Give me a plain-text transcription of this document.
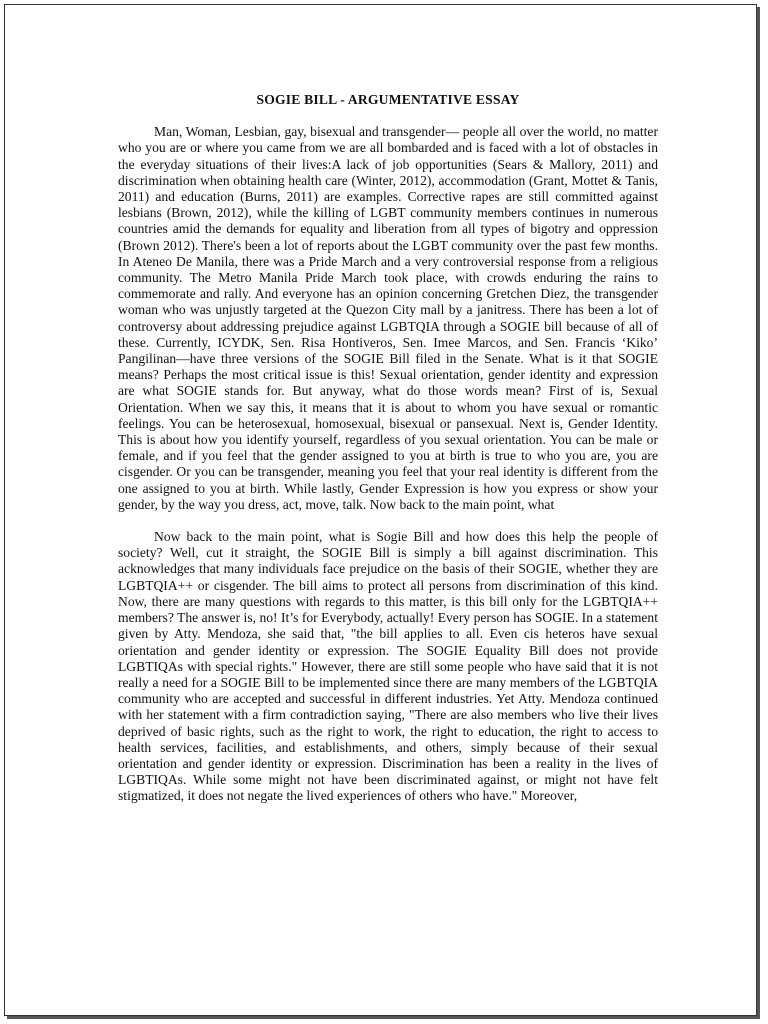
SOGIE BILL - ARGUMENTATIVE ESSAY

Man, Woman, Lesbian, gay, bisexual and transgender— people all over the world, no matter who you are or where you came from we are all bombarded and is faced with a lot of obstacles in the everyday situations of their lives:A lack of job opportunities (Sears & Mallory, 2011) and discrimination when obtaining health care (Winter, 2012), accommodation (Grant, Mottet & Tanis, 2011) and education (Burns, 2011) are examples. Corrective rapes are still committed against lesbians (Brown, 2012), while the killing of LGBT community members continues in numerous countries amid the demands for equality and liberation from all types of bigotry and oppression (Brown 2012). There's been a lot of reports about the LGBT community over the past few months. In Ateneo De Manila, there was a Pride March and a very controversial response from a religious community. The Metro Manila Pride March took place, with crowds enduring the rains to commemorate and rally. And everyone has an opinion concerning Gretchen Diez, the transgender woman who was unjustly targeted at the Quezon City mall by a janitress. There has been a lot of controversy about addressing prejudice against LGBTQIA through a SOGIE bill because of all of these. Currently, ICYDK, Sen. Risa Hontiveros, Sen. Imee Marcos, and Sen. Francis ‘Kiko’ Pangilinan—have three versions of the SOGIE Bill filed in the Senate. What is it that SOGIE means? Perhaps the most critical issue is this! Sexual orientation, gender identity and expression are what SOGIE stands for. But anyway, what do those words mean? First of is, Sexual Orientation. When we say this, it means that it is about to whom you have sexual or romantic feelings. You can be heterosexual, homosexual, bisexual or pansexual. Next is, Gender Identity. This is about how you identify yourself, regardless of you sexual orientation. You can be male or female, and if you feel that the gender assigned to you at birth is true to who you are, you are cisgender. Or you can be transgender, meaning you feel that your real identity is different from the one assigned to you at birth. While lastly, Gender Expression is how you express or show your gender, by the way you dress, act, move, talk. Now back to the main point, what

Now back to the main point, what is Sogie Bill and how does this help the people of society? Well, cut it straight, the SOGIE Bill is simply a bill against discrimination. This acknowledges that many individuals face prejudice on the basis of their SOGIE, whether they are LGBTQIA++ or cisgender. The bill aims to protect all persons from discrimination of this kind. Now, there are many questions with regards to this matter, is this bill only for the LGBTQIA++ members? The answer is, no! It’s for Everybody, actually! Every person has SOGIE. In a statement given by Atty. Mendoza, she said that, "the bill applies to all. Even cis heteros have sexual orientation and gender identity or expression. The SOGIE Equality Bill does not provide LGBTIQAs with special rights." However, there are still some people who have said that it is not really a need for a SOGIE Bill to be implemented since there are many members of the LGBTQIA community who are accepted and successful in different industries. Yet Atty. Mendoza continued with her statement with a firm contradiction saying, "There are also members who live their lives deprived of basic rights, such as the right to work, the right to education, the right to access to health services, facilities, and establishments, and others, simply because of their sexual orientation and gender identity or expression. Discrimination has been a reality in the lives of LGBTIQAs. While some might not have been discriminated against, or might not have felt stigmatized, it does not negate the lived experiences of others who have." Moreover,
